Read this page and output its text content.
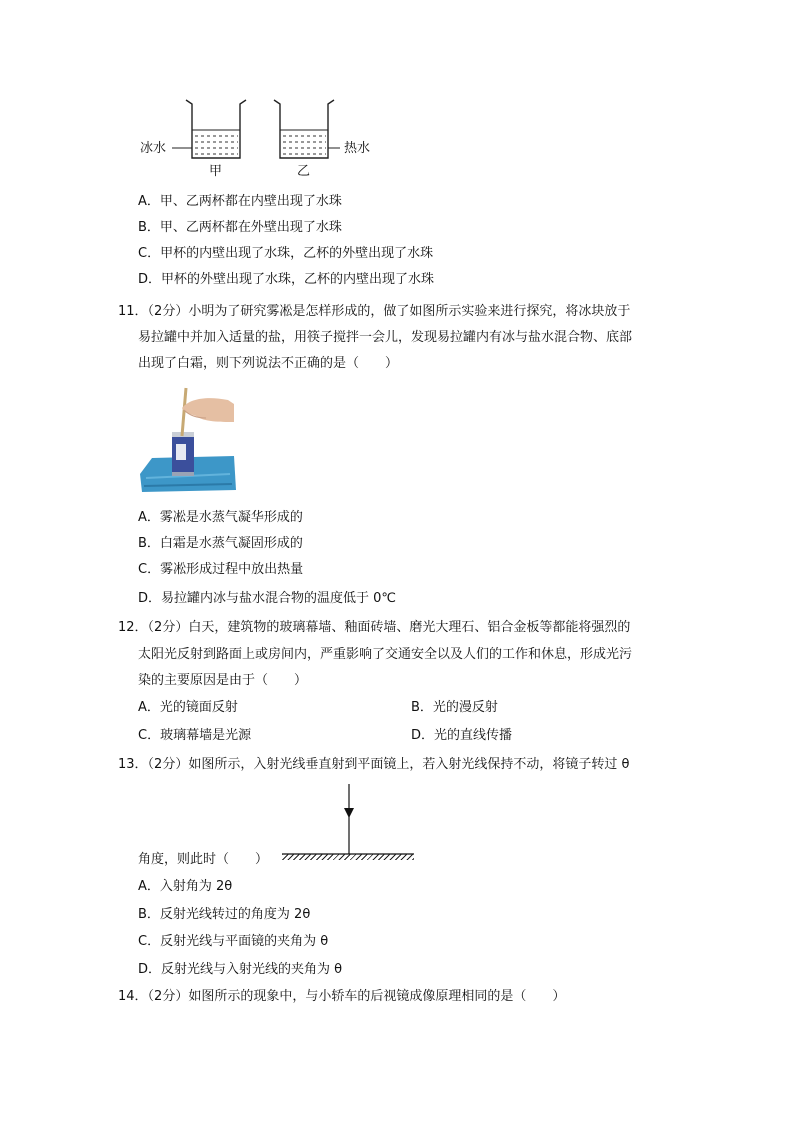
冰水	热水
甲	乙
A．甲、乙两杯都在内壁出现了水珠
B．甲、乙两杯都在外壁出现了水珠
C．甲杯的内壁出现了水珠，乙杯的外壁出现了水珠
D．甲杯的外壁出现了水珠，乙杯的内壁出现了水珠
11．（2分）小明为了研究雾凇是怎样形成的，做了如图所示实验来进行探究，将冰块放于
易拉罐中并加入适量的盐，用筷子搅拌一会儿，发现易拉罐内有冰与盐水混合物、底部
出现了白霜，则下列说法不正确的是（　　）
A．雾凇是水蒸气凝华形成的
B．白霜是水蒸气凝固形成的
C．雾凇形成过程中放出热量
D．易拉罐内冰与盐水混合物的温度低于 0℃
12．（2分）白天，建筑物的玻璃幕墙、釉面砖墙、磨光大理石、铝合金板等都能将强烈的
太阳光反射到路面上或房间内，严重影响了交通安全以及人们的工作和休息，形成光污
染的主要原因是由于（　　）
A．光的镜面反射	B．光的漫反射
C．玻璃幕墙是光源	D．光的直线传播
13．（2分）如图所示，入射光线垂直射到平面镜上，若入射光线保持不动，将镜子转过 θ
角度，则此时（　　）
A．入射角为 2θ
B．反射光线转过的角度为 2θ
C．反射光线与平面镜的夹角为 θ
D．反射光线与入射光线的夹角为 θ
14．（2分）如图所示的现象中，与小轿车的后视镜成像原理相同的是（　　）
